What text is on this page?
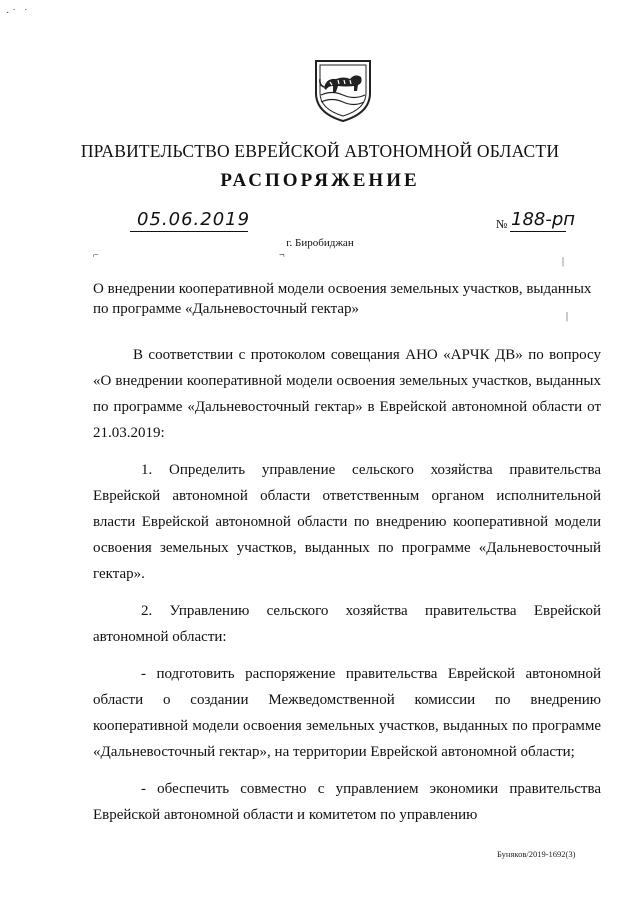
·˙ ˙
ПРАВИТЕЛЬСТВО ЕВРЕЙСКОЙ АВТОНОМНОЙ ОБЛАСТИ
РАСПОРЯЖЕНИЕ
05.06.2019	№ 188-рп
г. Биробиджан
⌐	¬
|
|
О внедрении кооперативной модели освоения земельных участков, выданных по программе «Дальневосточный гектар»

В соответствии с протоколом совещания АНО «АРЧК ДВ» по вопросу «О внедрении кооперативной модели освоения земельных участков, выданных по программе «Дальневосточный гектар» в Еврейской автономной области от 21.03.2019:

1. Определить управление сельского хозяйства правительства Еврейской автономной области ответственным органом исполнительной власти Еврейской автономной области по внедрению кооперативной модели освоения земельных участков, выданных по программе «Дальневосточный гектар».

2. Управлению сельского хозяйства правительства Еврейской автономной области:

- подготовить распоряжение правительства Еврейской автономной области о создании Межведомственной комиссии по внедрению кооперативной модели освоения земельных участков, выданных по программе «Дальневосточный гектар», на территории Еврейской автономной области;

- обеспечить совместно с управлением экономики правительства Еврейской автономной области и комитетом по управлению

Буняков/2019-1692(3)
